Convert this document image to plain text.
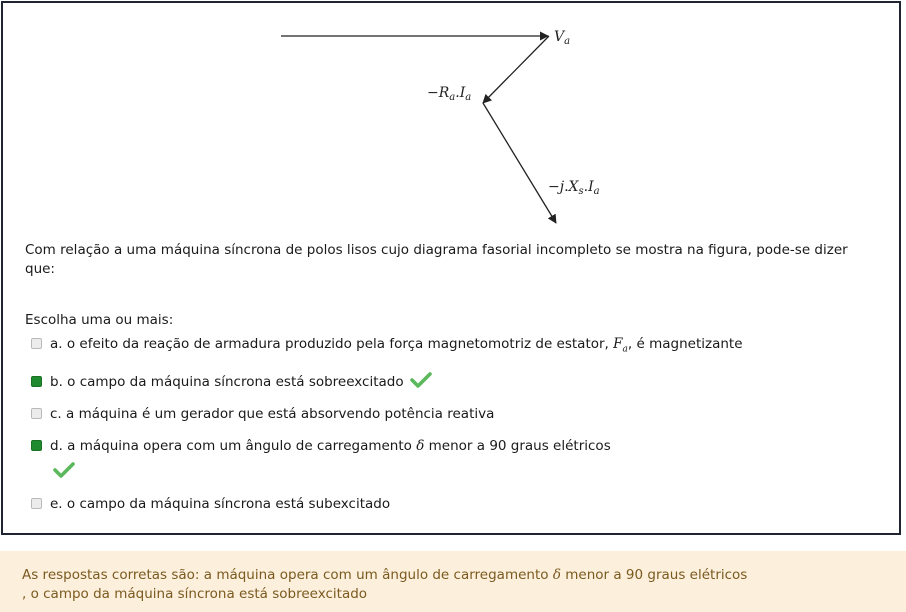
$V_a$
$-R_a.I_a$
$-j.X_s.I_a$

Com relação a uma máquina síncrona de polos lisos cujo diagrama fasorial incompleto se mostra na figura, pode-se dizer que:

Escolha uma ou mais:

a. o efeito da reação de armadura produzido pela força magnetomotriz de estator, $F_a$, é magnetizante
b. o campo da máquina síncrona está sobreexcitado
c. a máquina é um gerador que está absorvendo potência reativa
d. a máquina opera com um ângulo de carregamento δ menor a 90 graus elétricos
e. o campo da máquina síncrona está subexcitado

As respostas corretas são: a máquina opera com um ângulo de carregamento δ menor a 90 graus elétricos
, o campo da máquina síncrona está sobreexcitado
